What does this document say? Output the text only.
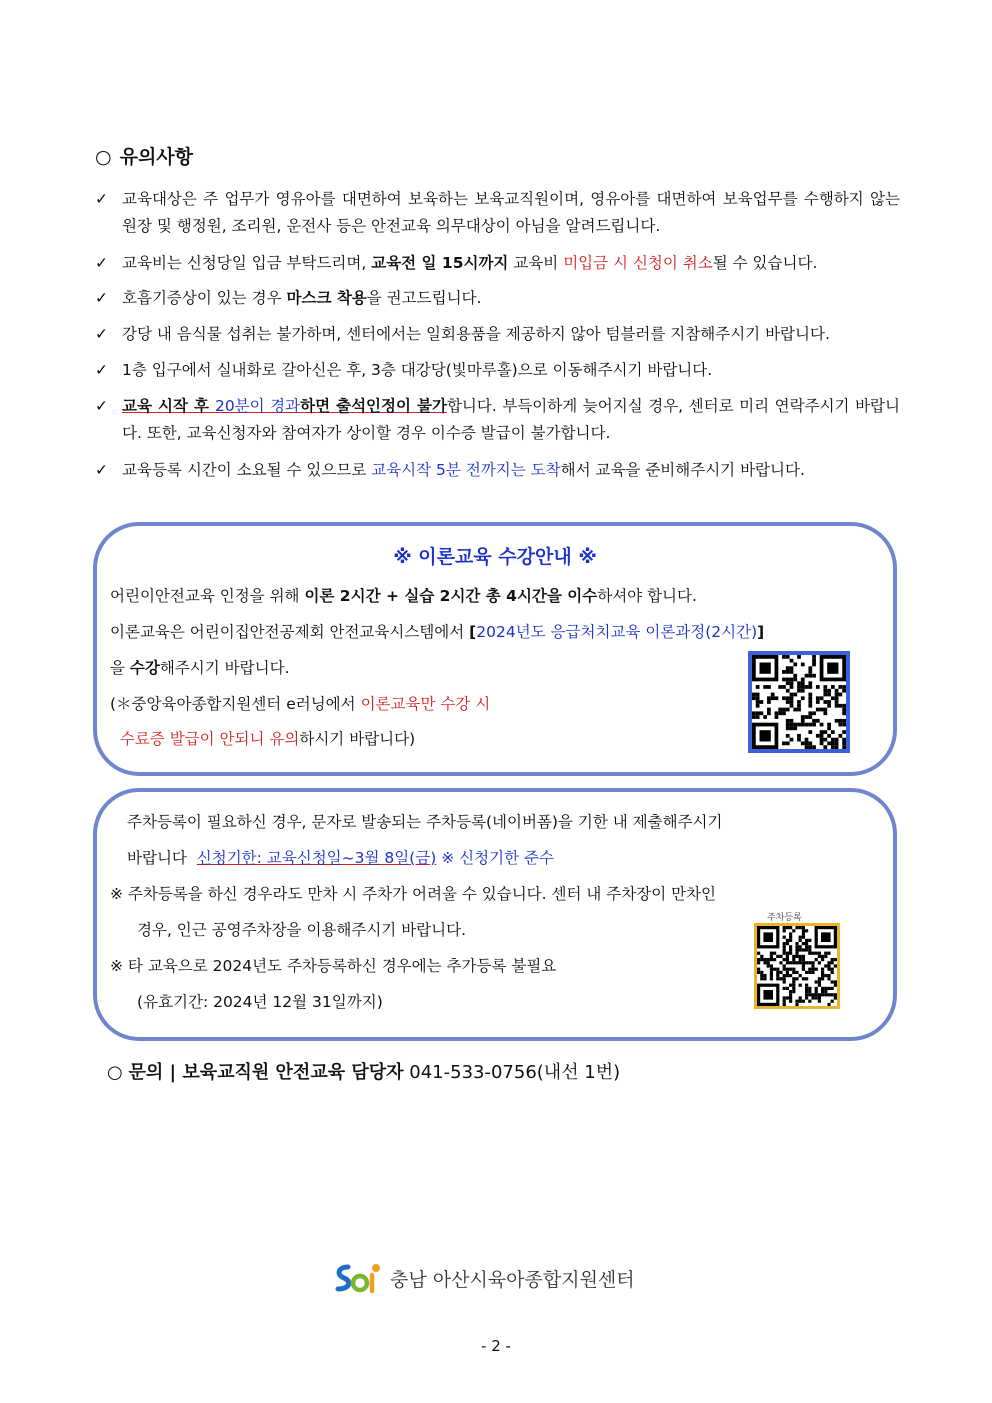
○ 유의사항
✓ 교육대상은 주 업무가 영유아를 대면하여 보육하는 보육교직원이며, 영유아를 대면하여 보육업무를 수행하지 않는 원장 및 행정원, 조리원, 운전사 등은 안전교육 의무대상이 아님을 알려드립니다.
✓ 교육비는 신청당일 입금 부탁드리며, 교육전 일 15시까지 교육비 미입금 시 신청이 취소될 수 있습니다.
✓ 호흡기증상이 있는 경우 마스크 착용을 권고드립니다.
✓ 강당 내 음식물 섭취는 불가하며, 센터에서는 일회용품을 제공하지 않아 텀블러를 지참해주시기 바랍니다.
✓ 1층 입구에서 실내화로 갈아신은 후, 3층 대강당(빛마루홀)으로 이동해주시기 바랍니다.
✓ 교육 시작 후 20분이 경과하면 출석인정이 불가합니다. 부득이하게 늦어지실 경우, 센터로 미리 연락주시기 바랍니다. 또한, 교육신청자와 참여자가 상이할 경우 이수증 발급이 불가합니다.
✓ 교육등록 시간이 소요될 수 있으므로 교육시작 5분 전까지는 도착해서 교육을 준비해주시기 바랍니다.
※ 이론교육 수강안내 ※
어린이안전교육 인정을 위해 이론 2시간 + 실습 2시간 총 4시간을 이수하셔야 합니다.
이론교육은 어린이집안전공제회 안전교육시스템에서 [2024년도 응급처치교육 이론과정(2시간)]
을 수강해주시기 바랍니다.
(＊중앙육아종합지원센터 e러닝에서 이론교육만 수강 시
수료증 발급이 안되니 유의하시기 바랍니다)
주차등록이 필요하신 경우, 문자로 발송되는 주차등록(네이버폼)을 기한 내 제출해주시기
바랍니다  신청기한: 교육신청일~3월 8일(금) ※ 신청기한 준수
※ 주차등록을 하신 경우라도 만차 시 주차가 어려울 수 있습니다. 센터 내 주차장이 만차인
경우, 인근 공영주차장을 이용해주시기 바랍니다.
※ 타 교육으로 2024년도 주차등록하신 경우에는 추가등록 불필요
(유효기간: 2024년 12월 31일까지)
주차등록
○ 문의 | 보육교직원 안전교육 담당자 041-533-0756(내선 1번)
충남 아산시육아종합지원센터
- 2 -
